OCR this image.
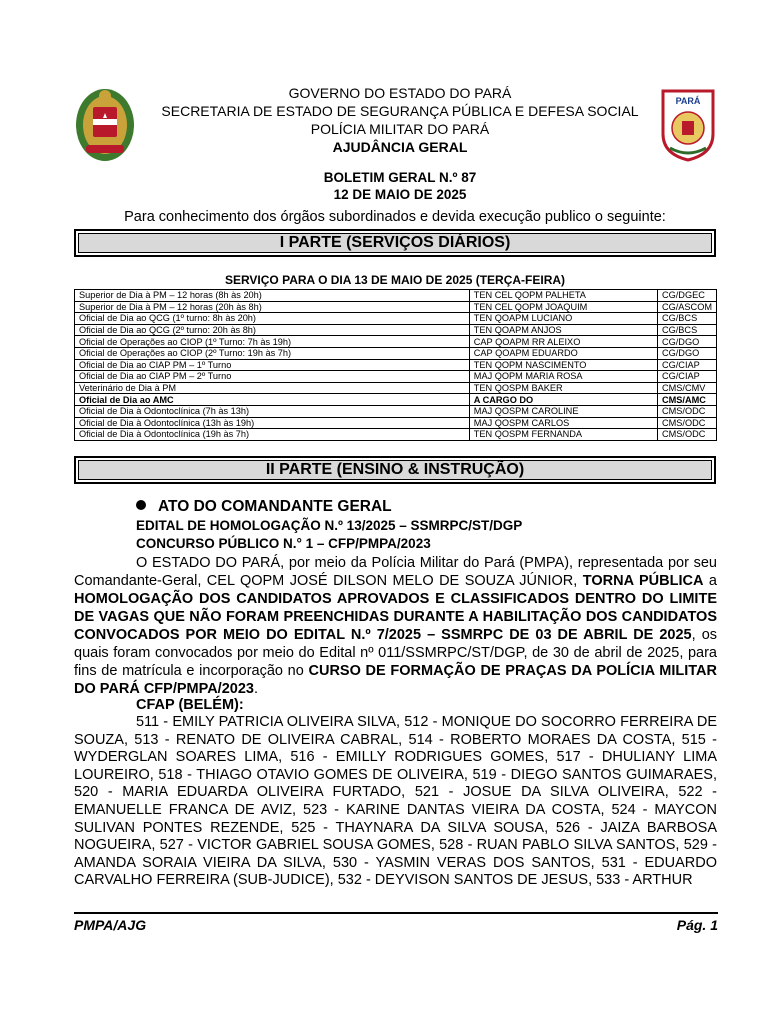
GOVERNO DO ESTADO DO PARÁ
SECRETARIA DE ESTADO DE SEGURANÇA PÚBLICA E DEFESA SOCIAL
POLÍCIA MILITAR DO PARÁ
AJUDÂNCIA GERAL
PARÁ
BOLETIM GERAL N.º 87
12 DE MAIO DE 2025
Para conhecimento dos órgãos subordinados e devida execução publico o seguinte:
I PARTE (SERVIÇOS DIÁRIOS)
SERVIÇO PARA O DIA 13 DE MAIO DE 2025 (TERÇA-FEIRA)
Superior de Dia à PM – 12 horas (8h às 20h)	TEN CEL QOPM PALHETA	CG/DGEC
Superior de Dia à PM – 12 horas (20h às 8h)	TEN CEL QOPM JOAQUIM	CG/ASCOM
Oficial de Dia ao QCG (1º turno: 8h às 20h)	TEN QOAPM LUCIANO	CG/BCS
Oficial de Dia ao QCG (2º turno: 20h às 8h)	TEN QOAPM ANJOS	CG/BCS
Oficial de Operações ao CIOP (1º Turno: 7h às 19h)	CAP QOAPM RR ALEIXO	CG/DGO
Oficial de Operações ao CIOP (2º Turno: 19h às 7h)	CAP QOAPM EDUARDO	CG/DGO
Oficial de Dia ao CIAP PM – 1º Turno	TEN QOPM NASCIMENTO	CG/CIAP
Oficial de Dia ao CIAP PM – 2º Turno	MAJ QOPM MARIA ROSA	CG/CIAP
Veterinário de Dia à PM	TEN QOSPM BAKER	CMS/CMV
Oficial de Dia ao AMC	A CARGO DO	CMS/AMC
Oficial de Dia à Odontoclínica (7h às 13h)	MAJ QOSPM CAROLINE	CMS/ODC
Oficial de Dia à Odontoclínica (13h às 19h)	MAJ QOSPM CARLOS	CMS/ODC
Oficial de Dia à Odontoclínica (19h às 7h)	TEN QOSPM FERNANDA	CMS/ODC
II PARTE (ENSINO & INSTRUÇÃO)
ATO DO COMANDANTE GERAL
EDITAL DE HOMOLOGAÇÃO N.º 13/2025 – SSMRPC/ST/DGP
CONCURSO PÚBLICO N.° 1 – CFP/PMPA/2023
O ESTADO DO PARÁ, por meio da Polícia Militar do Pará (PMPA), representada por seu Comandante-Geral, CEL QOPM JOSÉ DILSON MELO DE SOUZA JÚNIOR, TORNA PÚBLICA a HOMOLOGAÇÃO DOS CANDIDATOS APROVADOS E CLASSIFICADOS DENTRO DO LIMITE DE VAGAS QUE NÃO FORAM PREENCHIDAS DURANTE A HABILITAÇÃO DOS CANDIDATOS CONVOCADOS POR MEIO DO EDITAL N.º 7/2025 – SSMRPC DE 03 DE ABRIL DE 2025, os quais foram convocados por meio do Edital nº 011/SSMRPC/ST/DGP, de 30 de abril de 2025, para fins de matrícula e incorporação no CURSO DE FORMAÇÃO DE PRAÇAS DA POLÍCIA MILITAR DO PARÁ CFP/PMPA/2023.
CFAP (BELÉM):
511 - EMILY PATRICIA OLIVEIRA SILVA, 512 - MONIQUE DO SOCORRO FERREIRA DE SOUZA, 513 - RENATO DE OLIVEIRA CABRAL, 514 - ROBERTO MORAES DA COSTA, 515 - WYDERGLAN SOARES LIMA, 516 - EMILLY RODRIGUES GOMES, 517 - DHULIANY LIMA LOUREIRO, 518 - THIAGO OTAVIO GOMES DE OLIVEIRA, 519 - DIEGO SANTOS GUIMARAES, 520 - MARIA EDUARDA OLIVEIRA FURTADO, 521 - JOSUE DA SILVA OLIVEIRA, 522 - EMANUELLE FRANCA DE AVIZ, 523 - KARINE DANTAS VIEIRA DA COSTA, 524 - MAYCON SULIVAN PONTES REZENDE, 525 - THAYNARA DA SILVA SOUSA, 526 - JAIZA BARBOSA NOGUEIRA, 527 - VICTOR GABRIEL SOUSA GOMES, 528 - RUAN PABLO SILVA SANTOS, 529 - AMANDA SORAIA VIEIRA DA SILVA, 530 - YASMIN VERAS DOS SANTOS, 531 - EDUARDO CARVALHO FERREIRA (SUB-JUDICE), 532 - DEYVISON SANTOS DE JESUS, 533 - ARTHUR
PMPA/AJG	Pág. 1
